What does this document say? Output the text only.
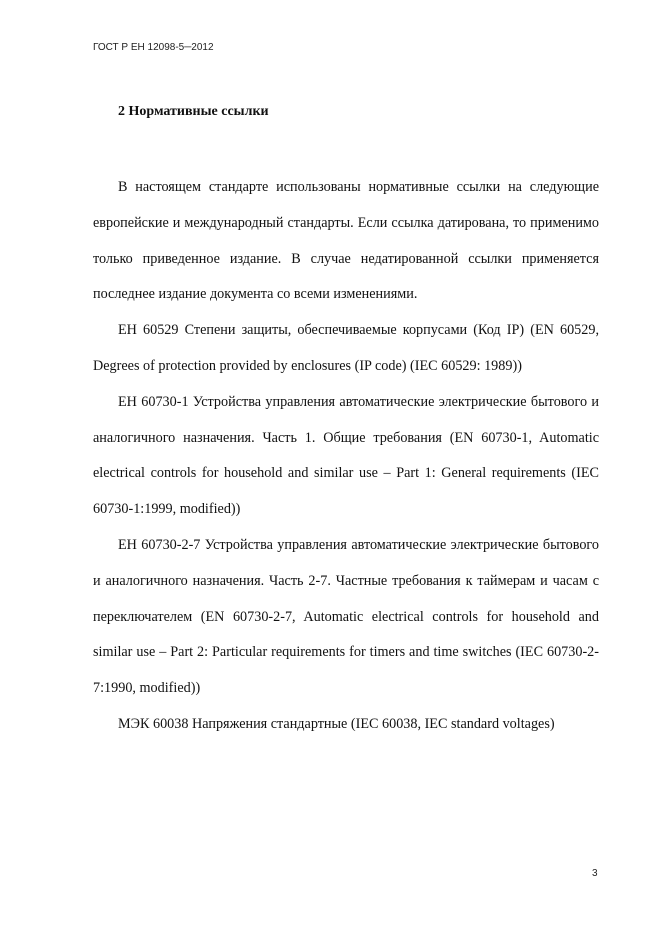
ГОСТ Р ЕН 12098-5─2012
2 Нормативные ссылки

В настоящем стандарте использованы нормативные ссылки на следующие европейские и международный стандарты. Если ссылка датирована, то применимо только приведенное издание. В случае недатированной ссылки применяется последнее издание документа со всеми изменениями.

ЕН 60529 Степени защиты, обеспечиваемые корпусами (Код IP) (EN 60529, Degrees of protection provided by enclosures (IP code) (IEC 60529: 1989))

ЕН 60730-1 Устройства управления автоматические электрические бытового и аналогичного назначения. Часть 1. Общие требования (EN 60730-1, Automatic electrical controls for household and similar use – Part 1: General requirements (IEC 60730-1:1999, modified))

ЕН 60730-2-7 Устройства управления автоматические электрические бытового и аналогичного назначения. Часть 2-7. Частные требования к таймерам и часам с переключателем (EN 60730-2-7, Automatic electrical controls for household and similar use – Part 2: Particular requirements for timers and time switches (IEC 60730-2-7:1990, modified))

МЭК 60038 Напряжения стандартные (IEC 60038, IEC standard voltages)

3
